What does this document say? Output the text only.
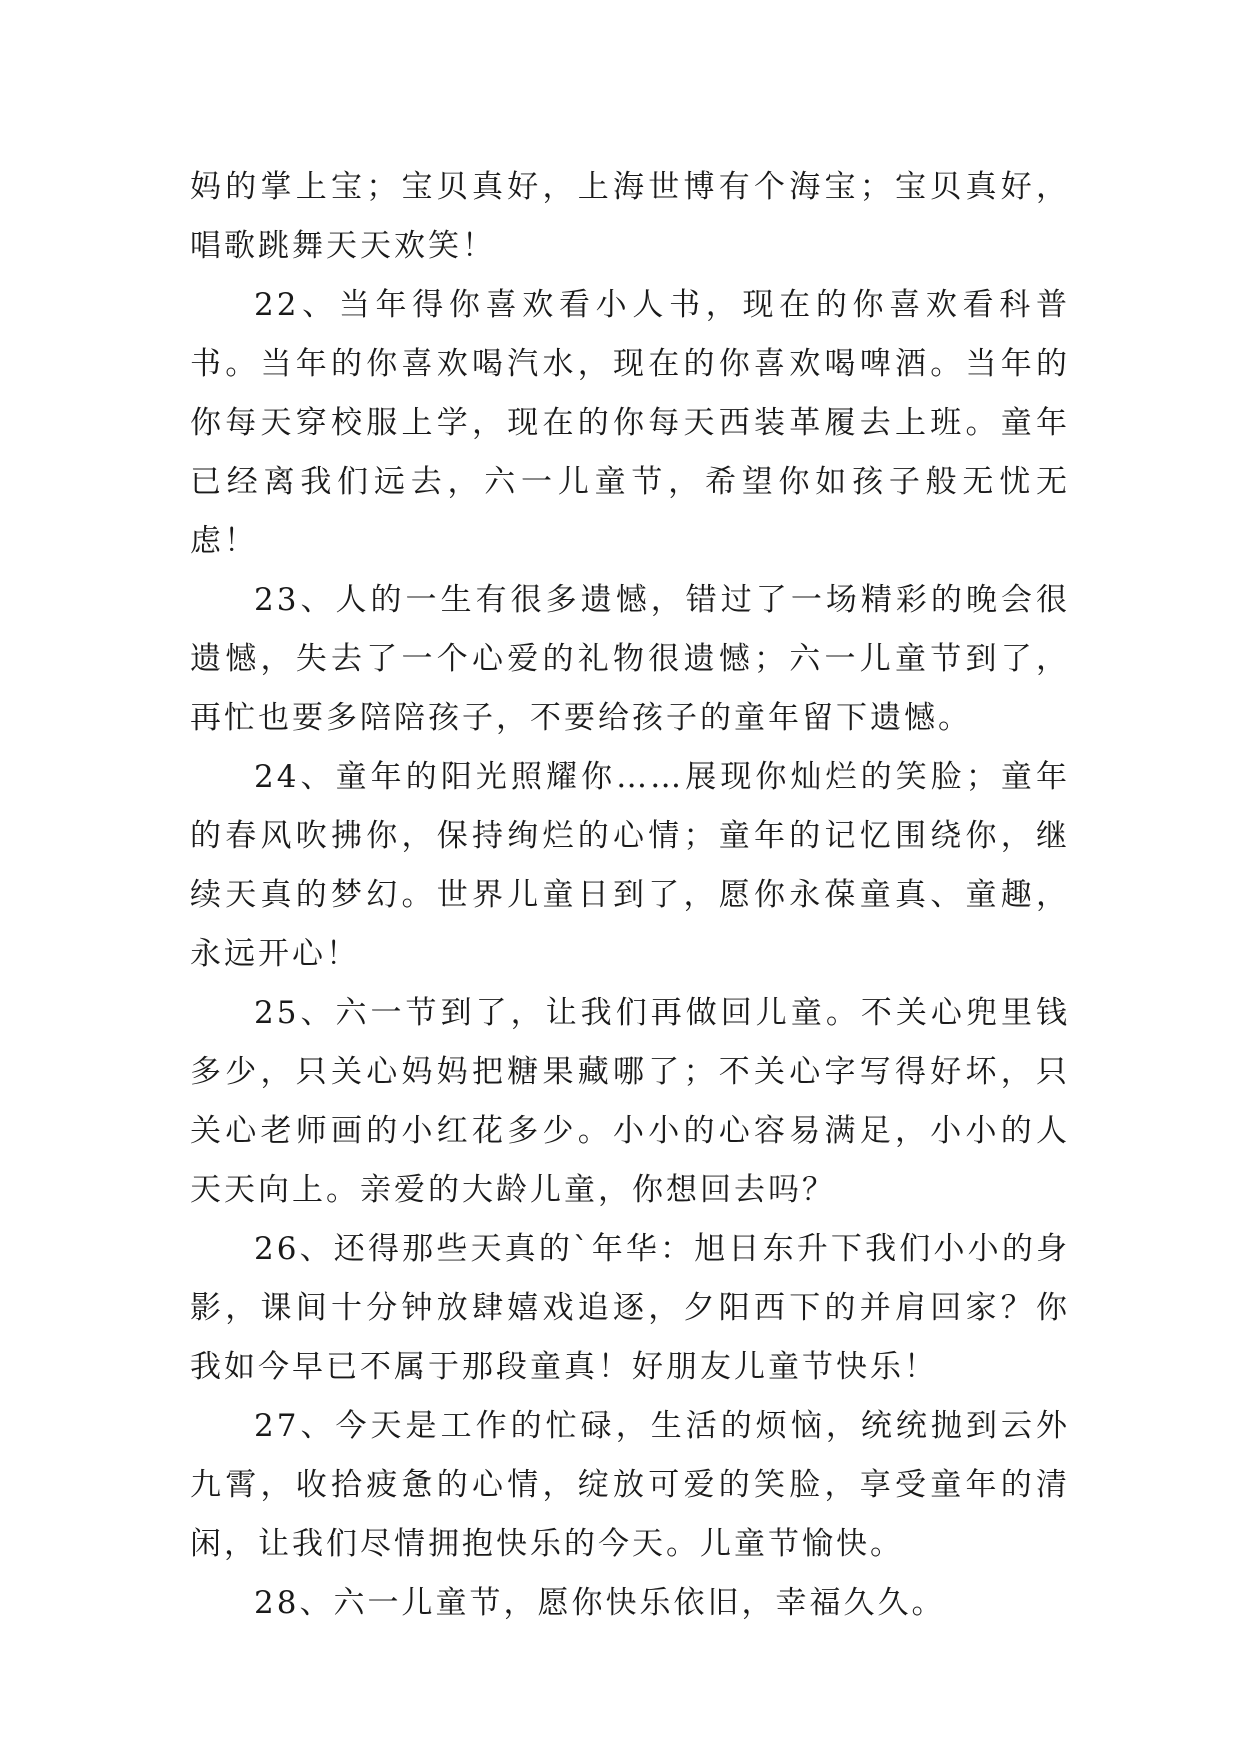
妈的掌上宝；宝贝真好，上海世博有个海宝；宝贝真好，唱歌跳舞天天欢笑！

22、当年得你喜欢看小人书，现在的你喜欢看科普书。当年的你喜欢喝汽水，现在的你喜欢喝啤酒。当年的你每天穿校服上学，现在的你每天西装革履去上班。童年已经离我们远去，六一儿童节，希望你如孩子般无忧无虑！

23、人的一生有很多遗憾，错过了一场精彩的晚会很遗憾，失去了一个心爱的礼物很遗憾；六一儿童节到了，再忙也要多陪陪孩子，不要给孩子的童年留下遗憾。

24、童年的阳光照耀你……展现你灿烂的笑脸；童年的春风吹拂你，保持绚烂的心情；童年的记忆围绕你，继续天真的梦幻。世界儿童日到了，愿你永葆童真、童趣，永远开心！

25、六一节到了，让我们再做回儿童。不关心兜里钱多少，只关心妈妈把糖果藏哪了；不关心字写得好坏，只关心老师画的小红花多少。小小的心容易满足，小小的人天天向上。亲爱的大龄儿童，你想回去吗？

26、还得那些天真的`年华：旭日东升下我们小小的身影，课间十分钟放肆嬉戏追逐，夕阳西下的并肩回家？你我如今早已不属于那段童真！好朋友儿童节快乐！

27、今天是工作的忙碌，生活的烦恼，统统抛到云外九霄，收拾疲惫的心情，绽放可爱的笑脸，享受童年的清闲，让我们尽情拥抱快乐的今天。儿童节愉快。

28、六一儿童节，愿你快乐依旧，幸福久久。
